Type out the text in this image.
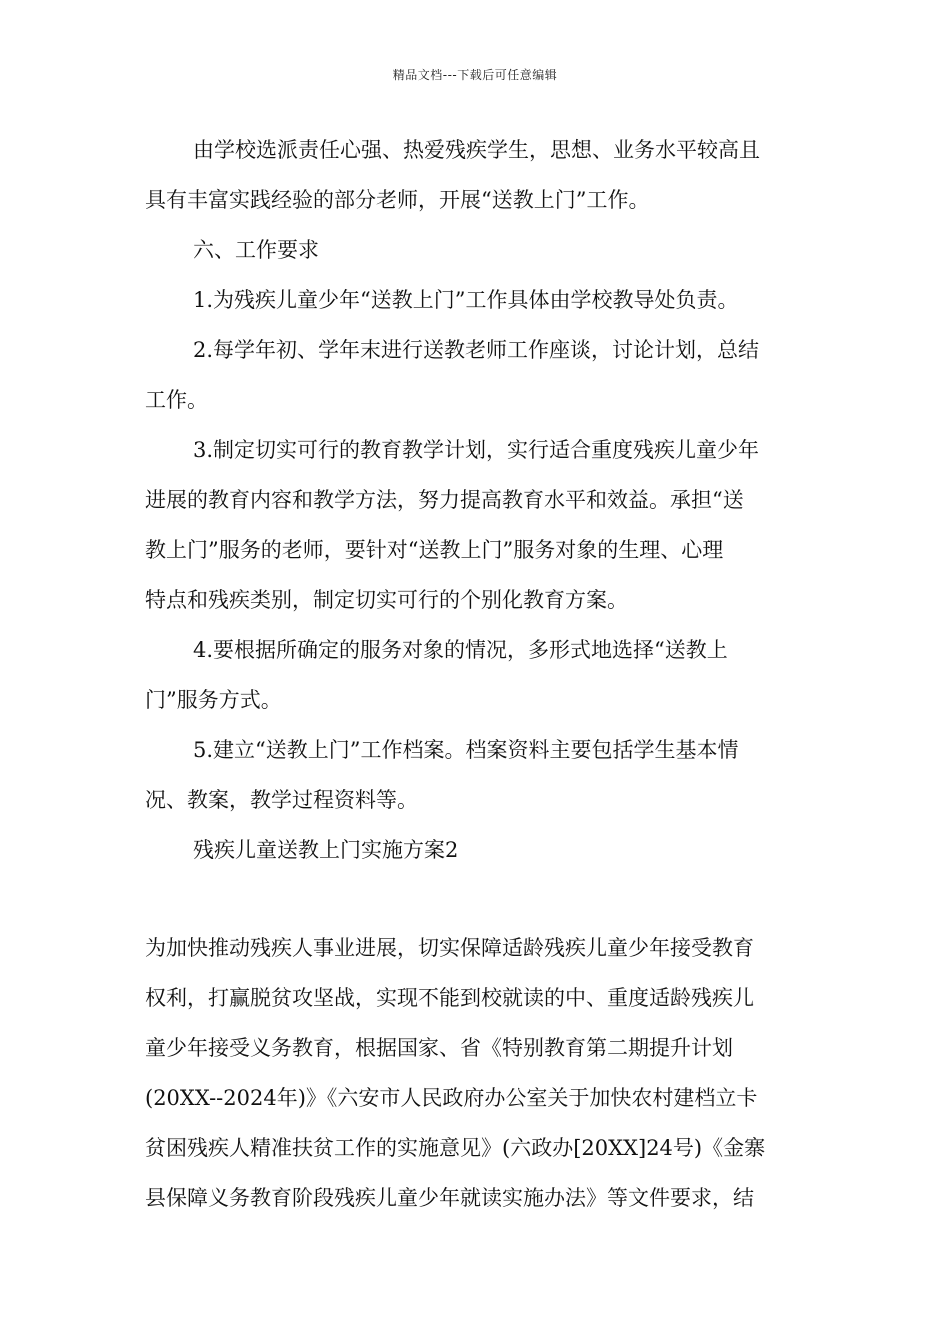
精品文档---下载后可任意编辑
由学校选派责任心强、热爱残疾学生，思想、业务水平较高且
具有丰富实践经验的部分老师，开展“送教上门”工作。
六、工作要求
1.为残疾儿童少年“送教上门”工作具体由学校教导处负责。
2.每学年初、学年末进行送教老师工作座谈，讨论计划，总结
工作。
3.制定切实可行的教育教学计划，实行适合重度残疾儿童少年
进展的教育内容和教学方法，努力提高教育水平和效益。承担“送
教上门”服务的老师，要针对“送教上门”服务对象的生理、心理
特点和残疾类别，制定切实可行的个别化教育方案。
4.要根据所确定的服务对象的情况，多形式地选择“送教上
门”服务方式。
5.建立“送教上门”工作档案。档案资料主要包括学生基本情
况、教案，教学过程资料等。
残疾儿童送教上门实施方案2
为加快推动残疾人事业进展，切实保障适龄残疾儿童少年接受教育
权利，打赢脱贫攻坚战，实现不能到校就读的中、重度适龄残疾儿
童少年接受义务教育，根据国家、省《特别教育第二期提升计划
(20XX--2024年)》《六安市人民政府办公室关于加快农村建档立卡
贫困残疾人精准扶贫工作的实施意见》(六政办[20XX]24号)《金寨
县保障义务教育阶段残疾儿童少年就读实施办法》等文件要求，结
